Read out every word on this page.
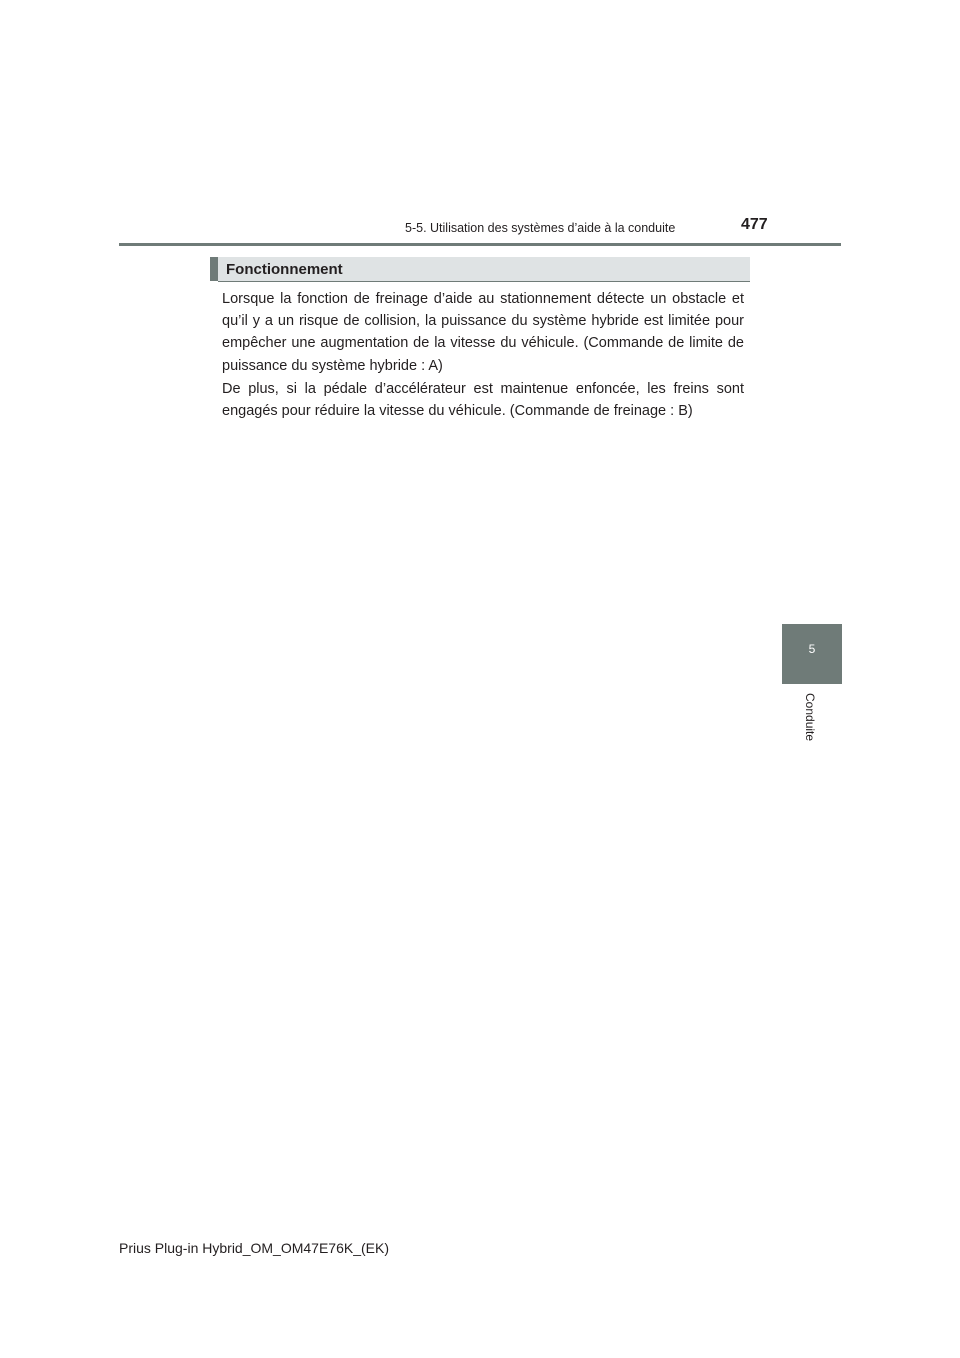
5-5. Utilisation des systèmes d’aide à la conduite	477
Fonctionnement

Lorsque la fonction de freinage d’aide au stationnement détecte un obstacle et qu’il y a un risque de collision, la puissance du système hybride est limitée pour empêcher une augmentation de la vitesse du véhicule. (Commande de limite de puissance du système hybride : A)

De plus, si la pédale d’accélérateur est maintenue enfoncée, les freins sont engagés pour réduire la vitesse du véhicule. (Commande de freinage : B)

5
Conduite
Prius Plug-in Hybrid_OM_OM47E76K_(EK)
